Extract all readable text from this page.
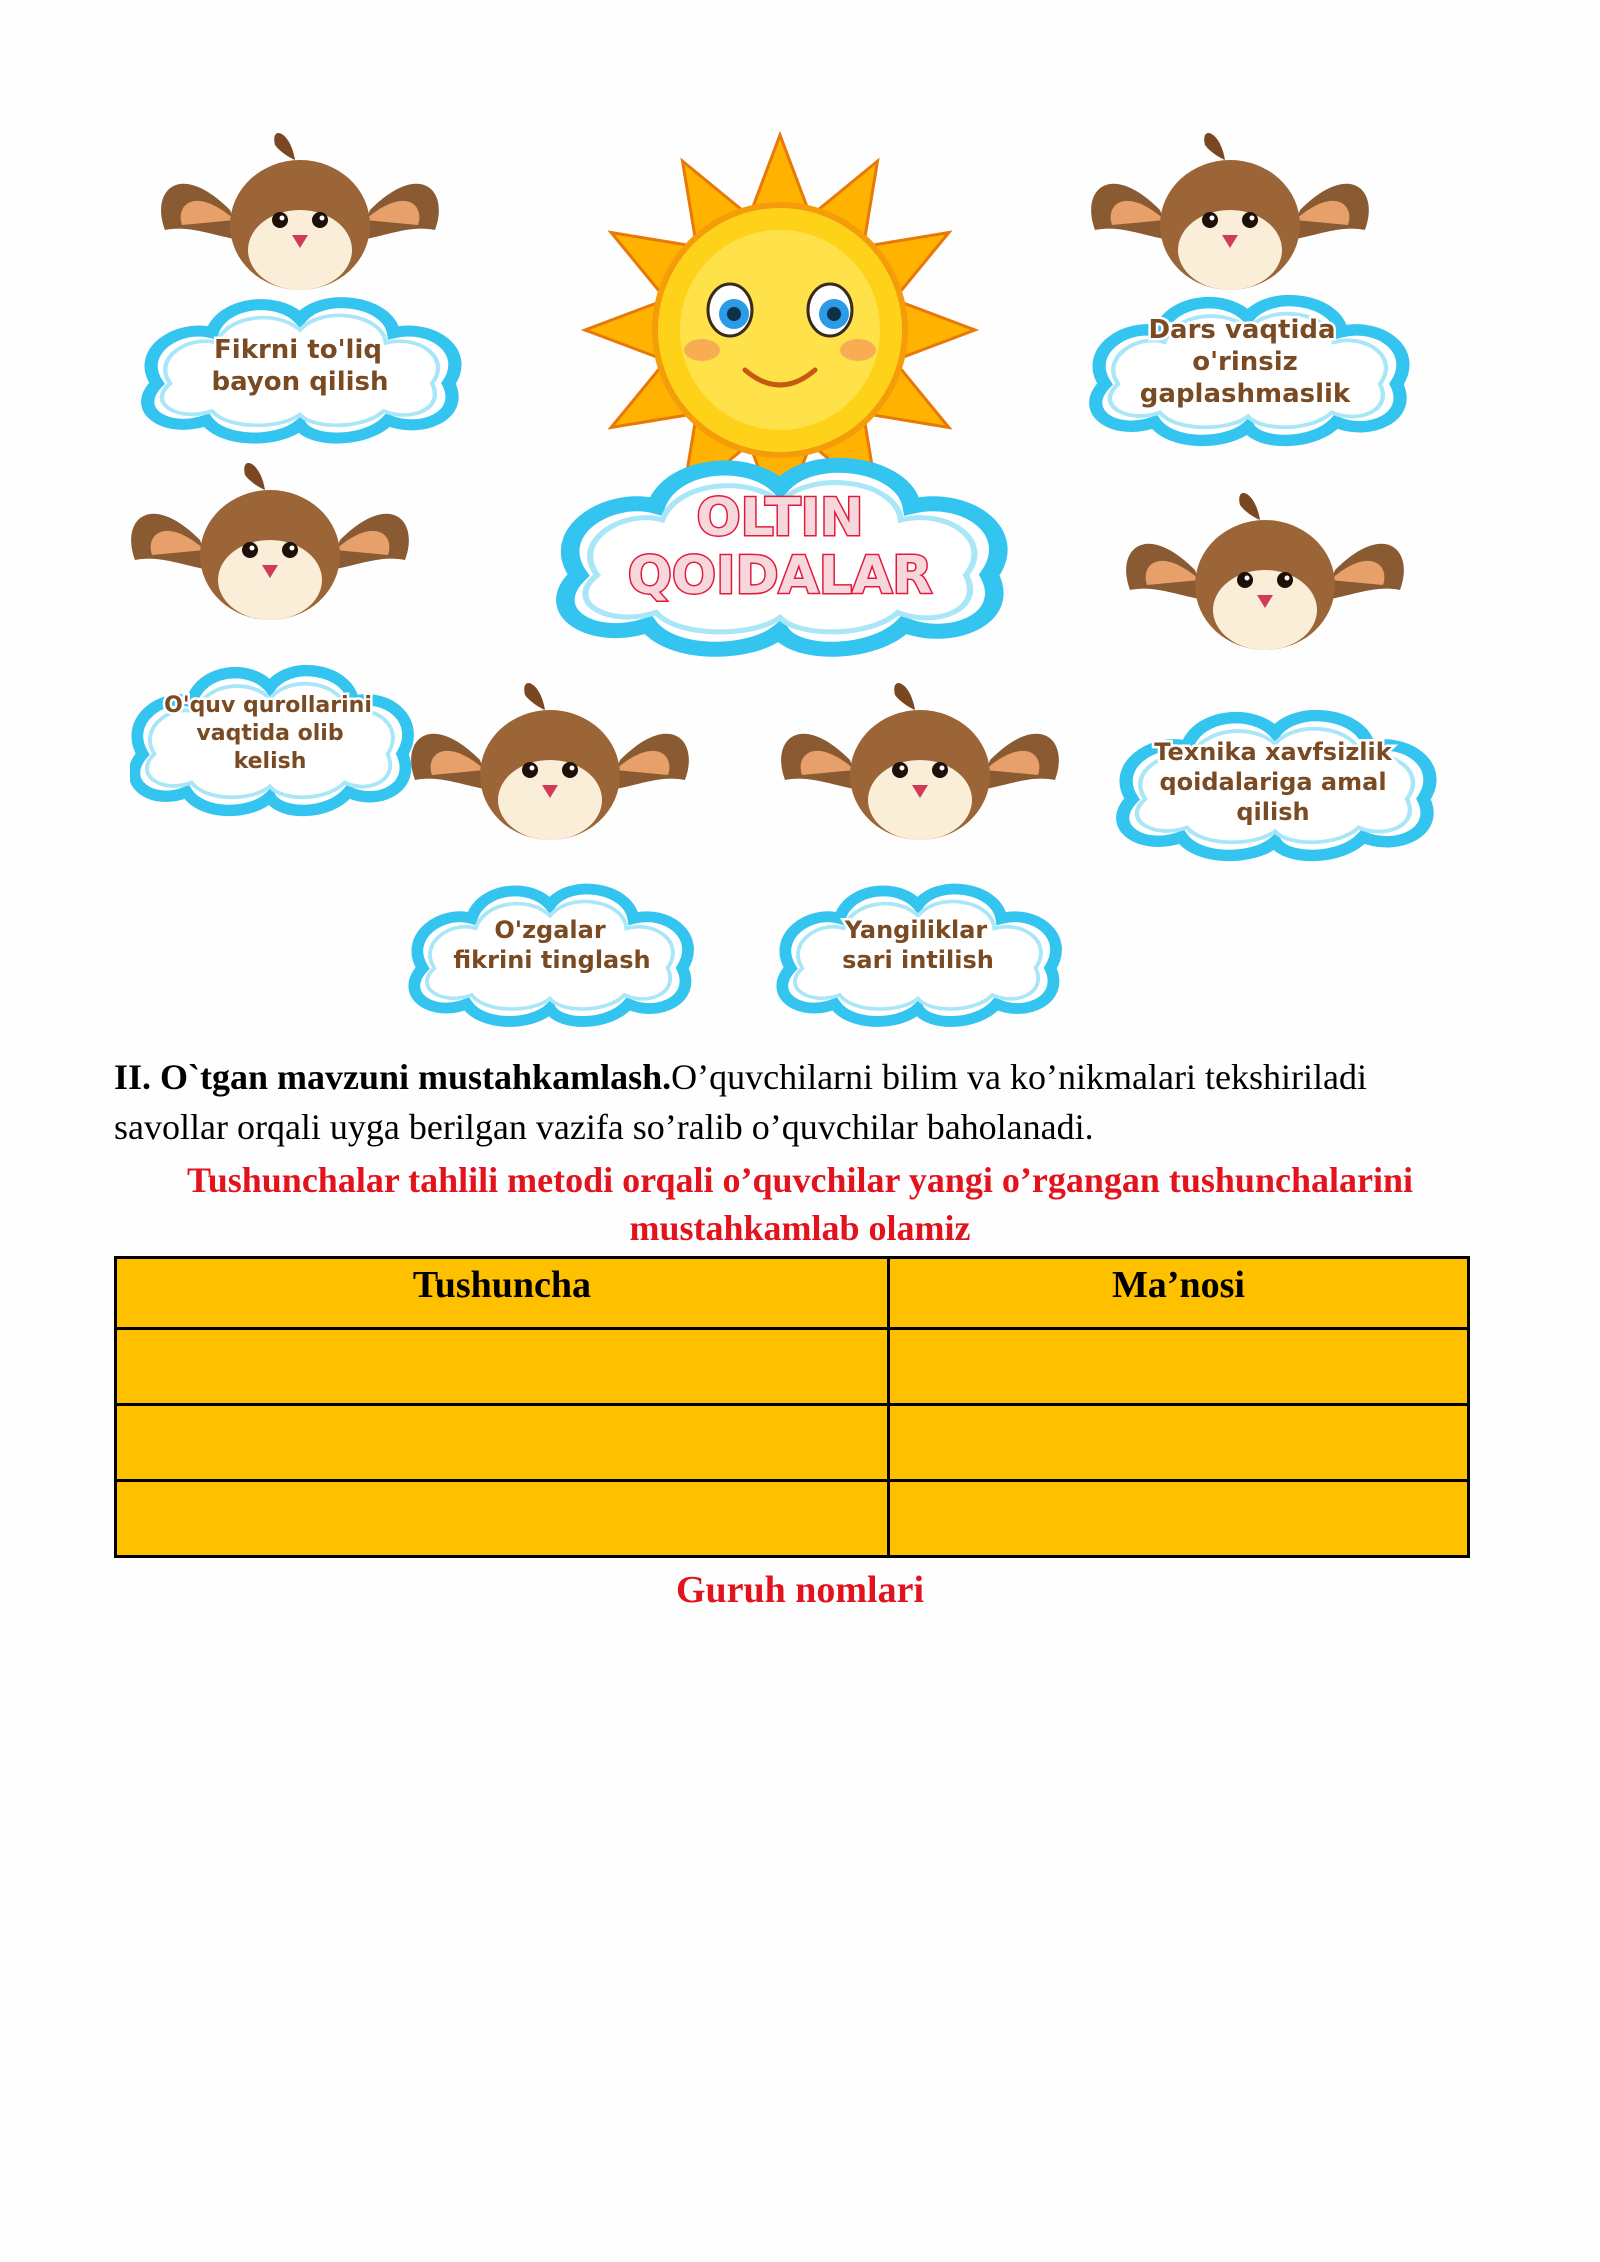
OLTIN
QOIDALAR
Fikrni to'liq
bayon qilish
Dars vaqtida
o'rinsiz
gaplashmaslik
O'quv qurollarini
vaqtida olib
kelish	Texnika xavfsizlik
qoidalariga amal
qilish
O'zgalar
fikrini tinglash
Yangiliklar
sari intilish

II. O`tgan mavzuni mustahkamlash.O’quvchilarni bilim va ko’nikmalari tekshiriladi savollar orqali uyga berilgan vazifa so’ralib o’quvchilar baholanadi.

Tushunchalar tahlili metodi orqali o’quvchilar yangi o’rgangan tushunchalarini mustahkamlab olamiz

Tushuncha	Ma’nosi

Guruh nomlari
